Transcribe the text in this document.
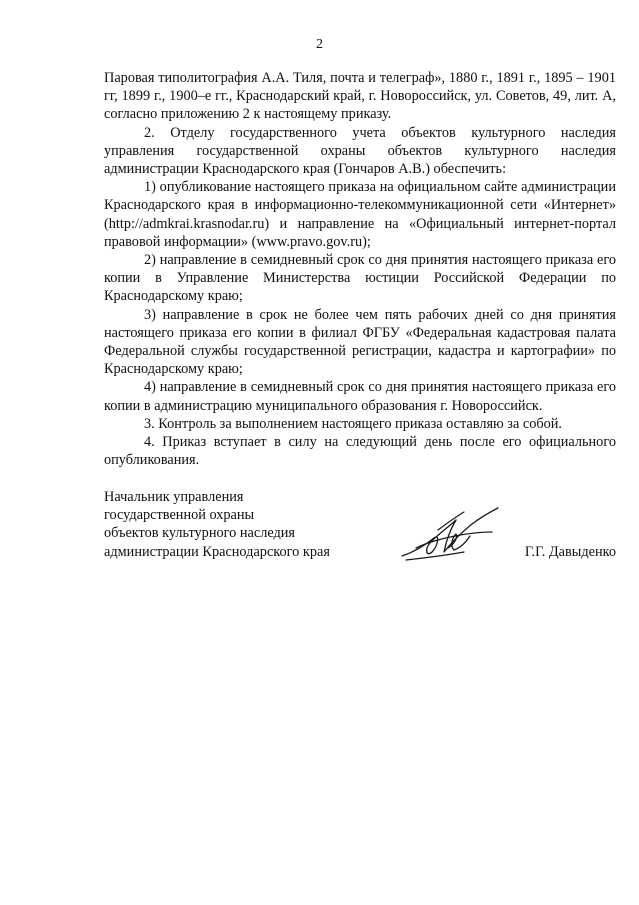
2

Паровая типолитография А.А. Тиля, почта и телеграф», 1880 г., 1891 г., 1895 – 1901 гг, 1899 г., 1900–е гг., Краснодарский край, г. Новороссийск, ул. Советов, 49, лит. А, согласно приложению 2 к настоящему приказу.

2. Отделу государственного учета объектов культурного наследия управления государственной охраны объектов культурного наследия администрации Краснодарского края (Гончаров А.В.) обеспечить:

1) опубликование настоящего приказа на официальном сайте администрации Краснодарского края в информационно-телекоммуникационной сети «Интернет» (http://admkrai.krasnodar.ru) и направление на «Официальный интернет-портал правовой информации» (www.pravo.gov.ru);

2) направление в семидневный срок со дня принятия настоящего приказа его копии в Управление Министерства юстиции Российской Федерации по Краснодарскому краю;

3) направление в срок не более чем пять рабочих дней со дня принятия настоящего приказа его копии в филиал ФГБУ «Федеральная кадастровая палата Федеральной службы государственной регистрации, кадастра и картографии» по Краснодарскому краю;

4) направление в семидневный срок со дня принятия настоящего приказа его копии в администрацию муниципального образования г. Новороссийск.

3. Контроль за выполнением настоящего приказа оставляю за собой.

4. Приказ вступает в силу на следующий день после его официального опубликования.

Начальник управления
государственной охраны
объектов культурного наследия
администрации Краснодарского края	Г.Г. Давыденко
